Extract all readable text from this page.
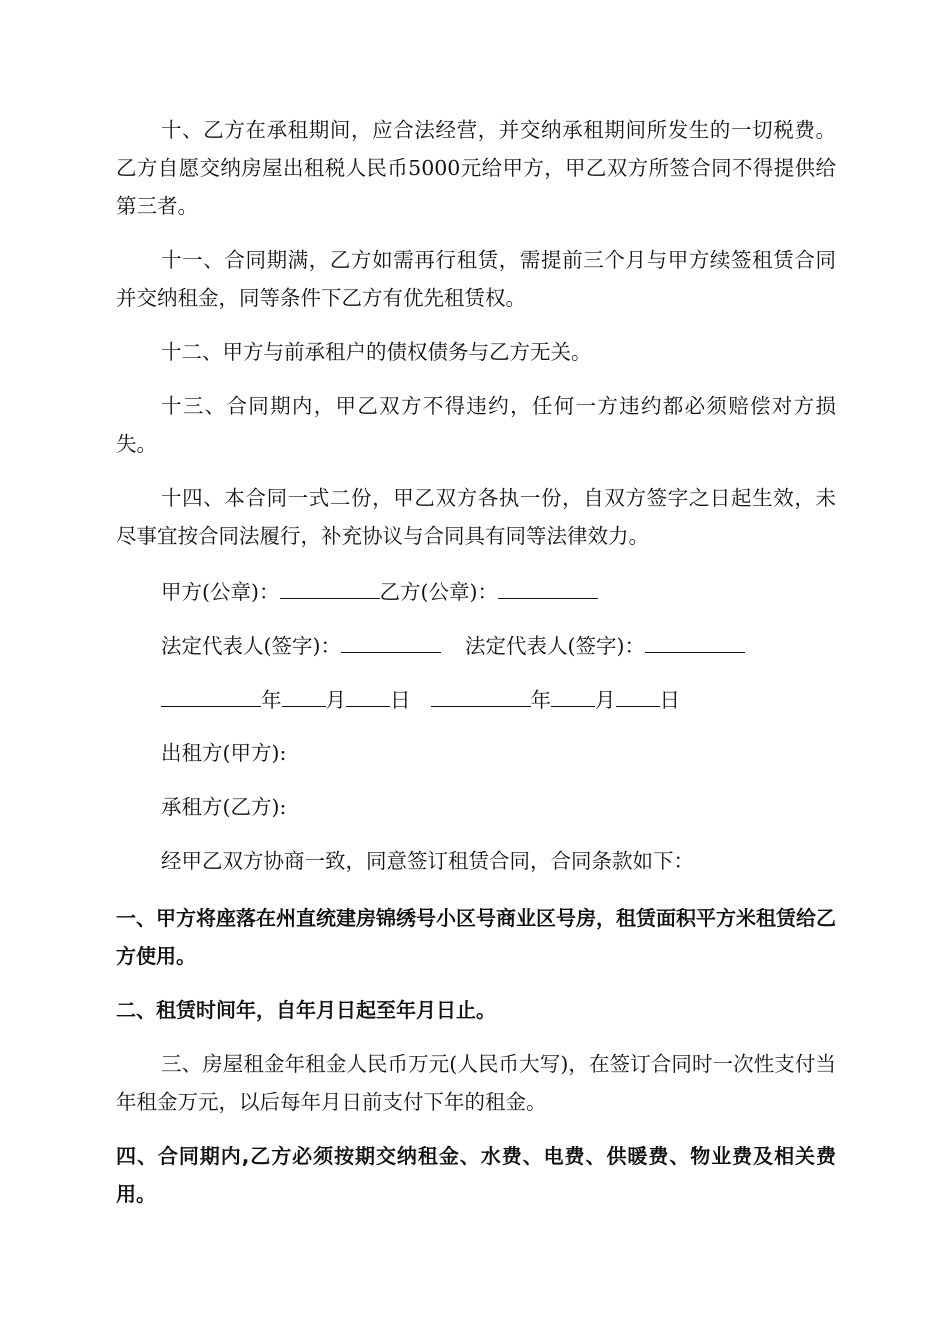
十、乙方在承租期间，应合法经营，并交纳承租期间所发生的一切税费。乙方自愿交纳房屋出租税人民币5000元给甲方，甲乙双方所签合同不得提供给第三者。

十一、合同期满，乙方如需再行租赁，需提前三个月与甲方续签租赁合同并交纳租金，同等条件下乙方有优先租赁权。

十二、甲方与前承租户的债权债务与乙方无关。

十三、合同期内，甲乙双方不得违约，任何一方违约都必须赔偿对方损失。

十四、本合同一式二份，甲乙双方各执一份，自双方签字之日起生效，未尽事宜按合同法履行，补充协议与合同具有同等法律效力。

甲方(公章)：	乙方(公章)：
法定代表人(签字)：	法定代表人(签字)：
年 月 日	年 月 日
出租方(甲方):
承租方(乙方):
经甲乙双方协商一致，同意签订租赁合同，合同条款如下：

一、甲方将座落在州直统建房锦绣号小区号商业区号房，租赁面积平方米租赁给乙方使用。

二、租赁时间年，自年月日起至年月日止。

三、房屋租金年租金人民币万元(人民币大写)，在签订合同时一次性支付当年租金万元，以后每年月日前支付下年的租金。

四、合同期内,乙方必须按期交纳租金、水费、电费、供暖费、物业费及相关费用。
